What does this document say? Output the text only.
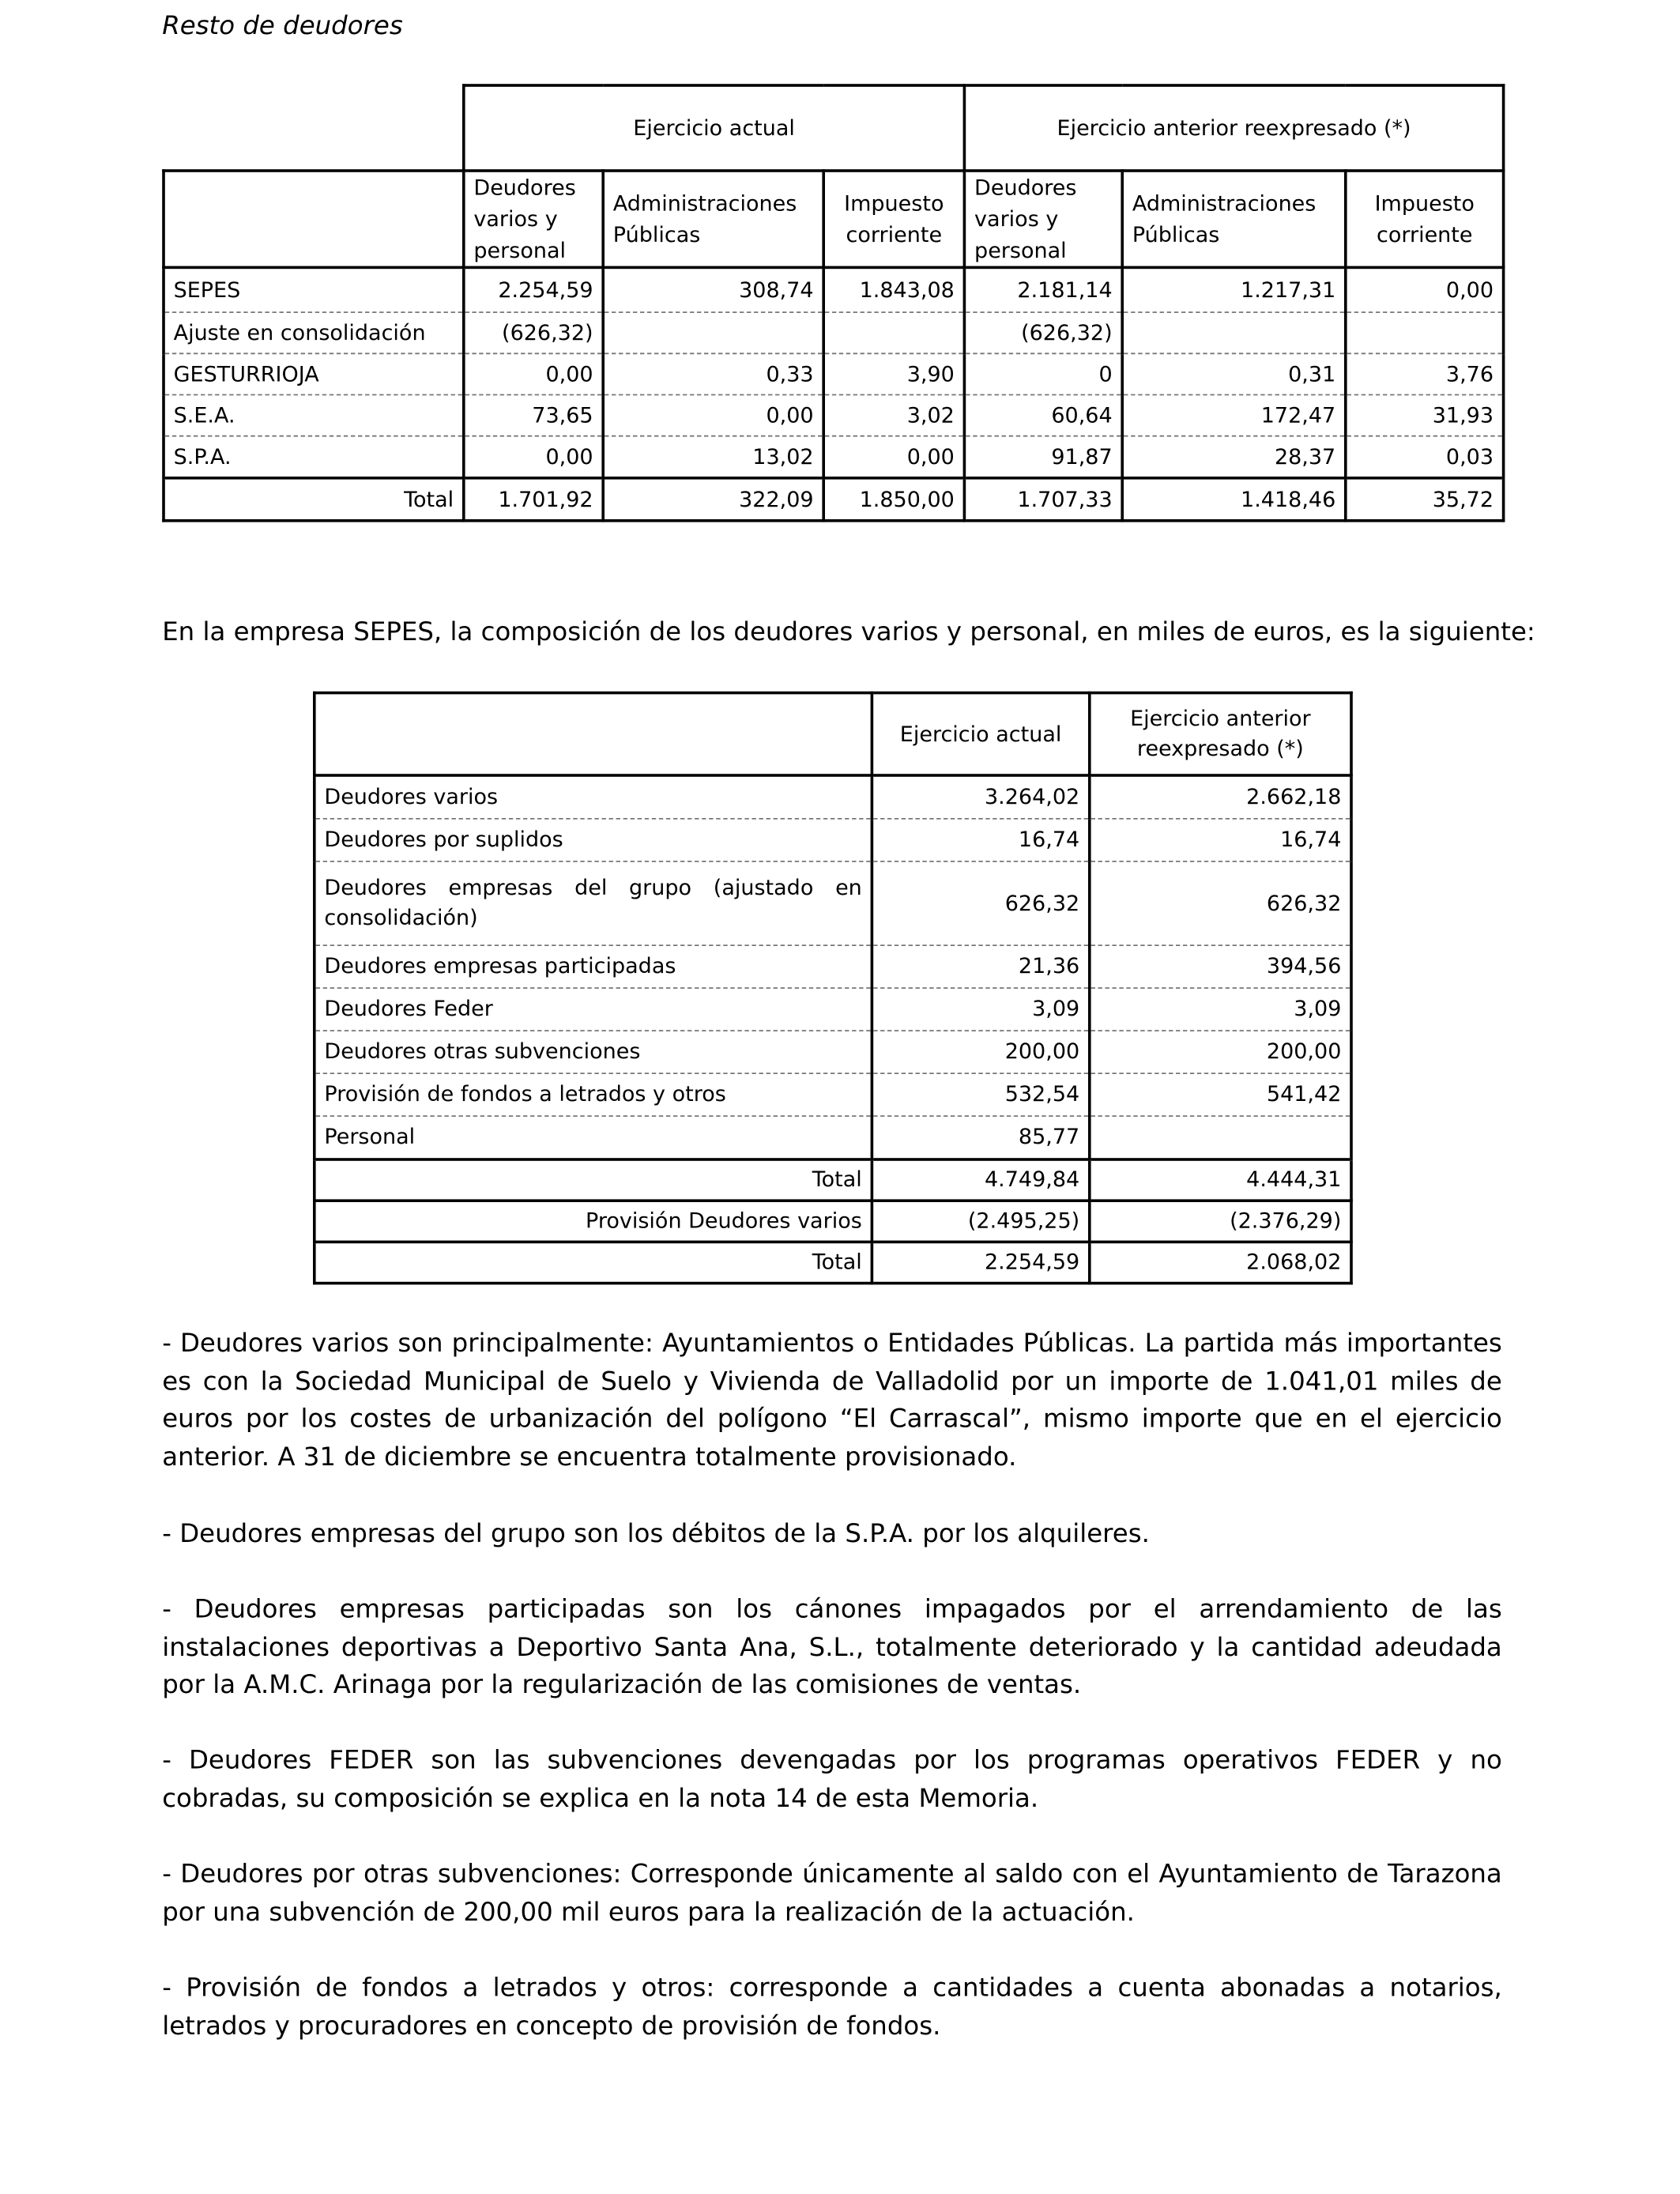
Resto de deudores
	Ejercicio actual			Ejercicio anterior reexpresado (*)		
	Deudores varios y personal	Administraciones Públicas	Impuesto corriente	Deudores varios y personal	Administraciones Públicas	Impuesto corriente
SEPES	2.254,59	308,74	1.843,08	2.181,14	1.217,31	0,00
Ajuste en consolidación	(626,32)			(626,32)		
GESTURRIOJA	0,00	0,33	3,90	0	0,31	3,76
S.E.A.	73,65	0,00	3,02	60,64	172,47	31,93
S.P.A.	0,00	13,02	0,00	91,87	28,37	0,03
Total	1.701,92	322,09	1.850,00	1.707,33	1.418,46	35,72
En la empresa SEPES, la composición de los deudores varios y personal, en miles de euros, es la siguiente:
	Ejercicio actual	Ejercicio anterior reexpresado (*)
Deudores varios	3.264,02	2.662,18
Deudores por suplidos	16,74	16,74
Deudores empresas del grupo (ajustado en consolidación)	626,32	626,32
Deudores empresas participadas	21,36	394,56
Deudores Feder	3,09	3,09
Deudores otras subvenciones	200,00	200,00
Provisión de fondos a letrados y otros	532,54	541,42
Personal	85,77	
Total	4.749,84	4.444,31
Provisión Deudores varios	(2.495,25)	(2.376,29)
Total	2.254,59	2.068,02

- Deudores varios son principalmente: Ayuntamientos o Entidades Públicas. La partida más importantes es con la Sociedad Municipal de Suelo y Vivienda de Valladolid por un importe de 1.041,01 miles de euros por los costes de urbanización del polígono “El Carrascal”, mismo importe que en el ejercicio anterior. A 31 de diciembre se encuentra totalmente provisionado.

- Deudores empresas del grupo son los débitos de la S.P.A. por los alquileres.

- Deudores empresas participadas son los cánones impagados por el arrendamiento de las instalaciones deportivas a Deportivo Santa Ana, S.L., totalmente deteriorado y la cantidad adeudada por la A.M.C. Arinaga por la regularización de las comisiones de ventas.

- Deudores FEDER son las subvenciones devengadas por los programas operativos FEDER y no cobradas, su composición se explica en la nota 14 de esta Memoria.

- Deudores por otras subvenciones: Corresponde únicamente al saldo con el Ayuntamiento de Tarazona por una subvención de 200,00 mil euros para la realización de la actuación.

- Provisión de fondos a letrados y otros: corresponde a cantidades a cuenta abonadas a notarios, letrados y procuradores en concepto de provisión de fondos.
